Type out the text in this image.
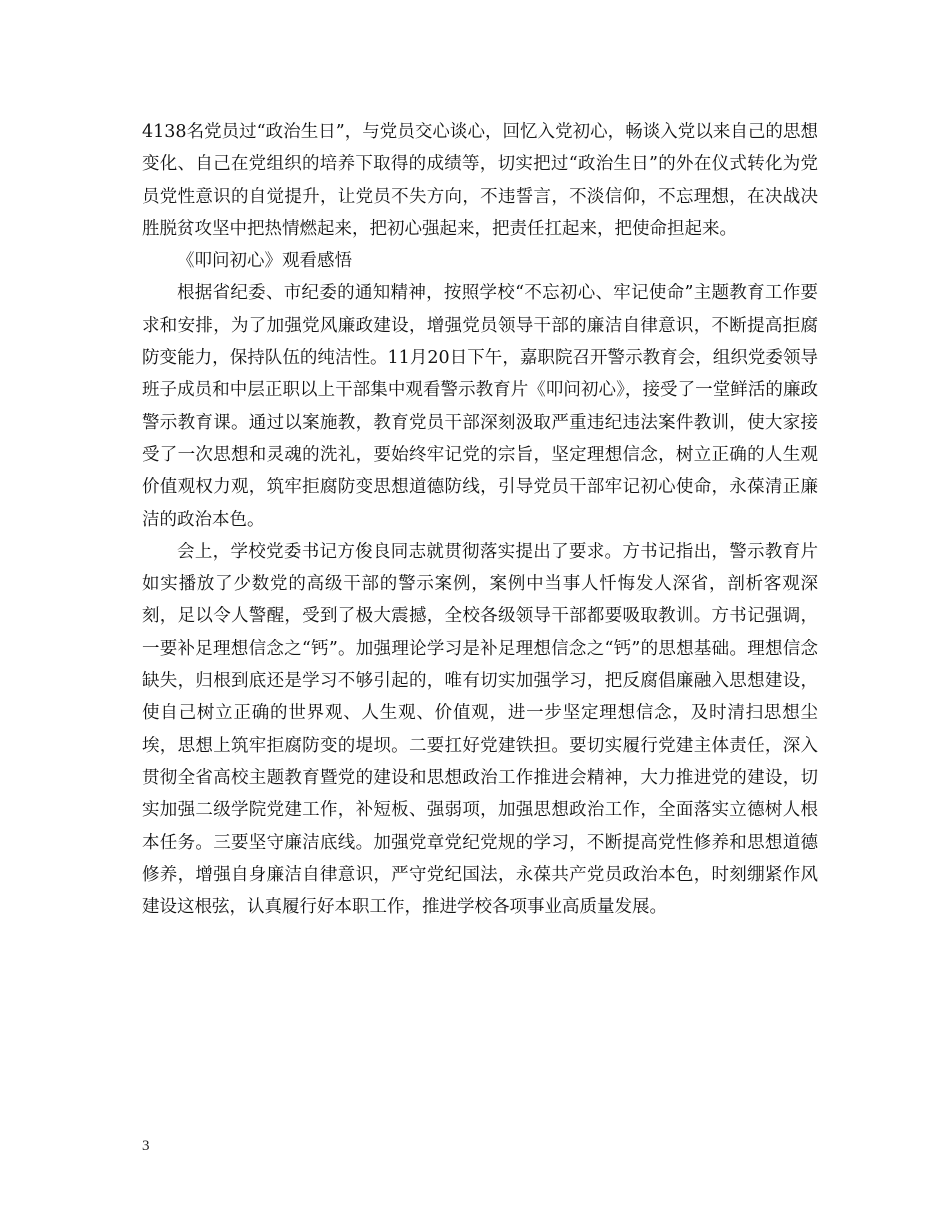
4138名党员过“政治生日”，与党员交心谈心，回忆入党初心，畅谈入党以来自己的思想变化、自己在党组织的培养下取得的成绩等，切实把过“政治生日”的外在仪式转化为党员党性意识的自觉提升，让党员不失方向，不违誓言，不淡信仰，不忘理想，在决战决胜脱贫攻坚中把热情燃起来，把初心强起来，把责任扛起来，把使命担起来。

《叩问初心》观看感悟

根据省纪委、市纪委的通知精神，按照学校“不忘初心、牢记使命”主题教育工作要求和安排，为了加强党风廉政建设，增强党员领导干部的廉洁自律意识，不断提高拒腐防变能力，保持队伍的纯洁性。11月20日下午，嘉职院召开警示教育会，组织党委领导班子成员和中层正职以上干部集中观看警示教育片《叩问初心》，接受了一堂鲜活的廉政警示教育课。通过以案施教，教育党员干部深刻汲取严重违纪违法案件教训，使大家接受了一次思想和灵魂的洗礼，要始终牢记党的宗旨，坚定理想信念，树立正确的人生观价值观权力观，筑牢拒腐防变思想道德防线，引导党员干部牢记初心使命，永葆清正廉洁的政治本色。

会上，学校党委书记方俊良同志就贯彻落实提出了要求。方书记指出，警示教育片如实播放了少数党的高级干部的警示案例，案例中当事人忏悔发人深省，剖析客观深刻，足以令人警醒，受到了极大震撼，全校各级领导干部都要吸取教训。方书记强调，一要补足理想信念之“钙”。加强理论学习是补足理想信念之“钙”的思想基础。理想信念缺失，归根到底还是学习不够引起的，唯有切实加强学习，把反腐倡廉融入思想建设，使自己树立正确的世界观、人生观、价值观，进一步坚定理想信念，及时清扫思想尘埃，思想上筑牢拒腐防变的堤坝。二要扛好党建铁担。要切实履行党建主体责任，深入贯彻全省高校主题教育暨党的建设和思想政治工作推进会精神，大力推进党的建设，切实加强二级学院党建工作，补短板、强弱项，加强思想政治工作，全面落实立德树人根本任务。三要坚守廉洁底线。加强党章党纪党规的学习，不断提高党性修养和思想道德修养，增强自身廉洁自律意识，严守党纪国法，永葆共产党员政治本色，时刻绷紧作风建设这根弦，认真履行好本职工作，推进学校各项事业高质量发展。

3
